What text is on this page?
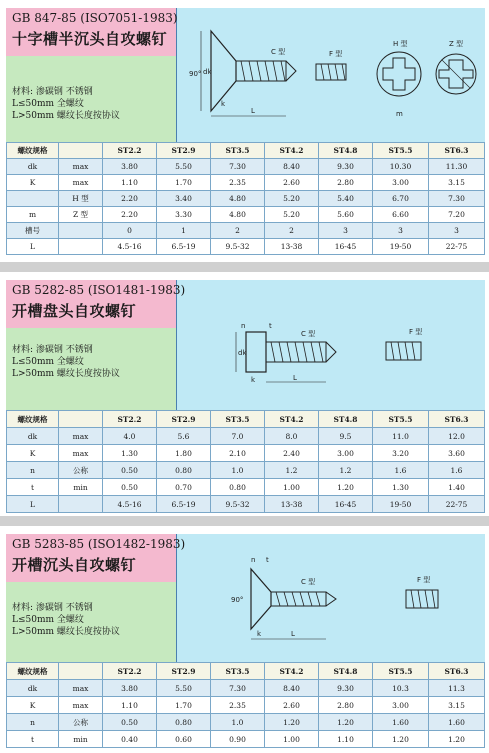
GB 847-85 (ISO7051-1983)
十字槽半沉头自攻螺钉
材料: 渗碳钢 不锈钢
L≤50mm 全螺纹
L>50mm 螺纹长度按协议
90° dk
k
L
C 型	F 型
H 型
m
Z 型
螺纹规格		ST2.2	ST2.9	ST3.5	ST4.2	ST4.8	ST5.5	ST6.3
dk	max	3.80	5.50	7.30	8.40	9.30	10.30	11.30
K	max	1.10	1.70	2.35	2.60	2.80	3.00	3.15
	H 型	2.20	3.40	4.80	5.20	5.40	6.70	7.30
m	Z 型	2.20	3.30	4.80	5.20	5.60	6.60	7.20
槽号		0	1	2	2	3	3	3
L		4.5-16	6.5-19	9.5-32	13-38	16-45	19-50	22-75
GB 5282-85 (ISO1481-1983)
开槽盘头自攻螺钉
材料: 渗碳钢 不锈钢
L≤50mm 全螺纹
L>50mm 螺纹长度按协议
dk
k	L
C 型
n	t
F 型
螺纹规格		ST2.2	ST2.9	ST3.5	ST4.2	ST4.8	ST5.5	ST6.3
dk	max	4.0	5.6	7.0	8.0	9.5	11.0	12.0
K	max	1.30	1.80	2.10	2.40	3.00	3.20	3.60
n	公称	0.50	0.80	1.0	1.2	1.2	1.6	1.6
t	min	0.50	0.70	0.80	1.00	1.20	1.30	1.40
L		4.5-16	6.5-19	9.5-32	13-38	16-45	19-50	22-75
GB 5283-85 (ISO1482-1983)
开槽沉头自攻螺钉
材料: 渗碳钢 不锈钢
L≤50mm 全螺纹
L>50mm 螺纹长度按协议
90°
k	L
C 型
n t
F 型
螺纹规格		ST2.2	ST2.9	ST3.5	ST4.2	ST4.8	ST5.5	ST6.3
dk	max	3.80	5.50	7.30	8.40	9.30	10.3	11.3
K	max	1.10	1.70	2.35	2.60	2.80	3.00	3.15
n	公称	0.50	0.80	1.0	1.20	1.20	1.60	1.60
t	min	0.40	0.60	0.90	1.00	1.10	1.20	1.20
